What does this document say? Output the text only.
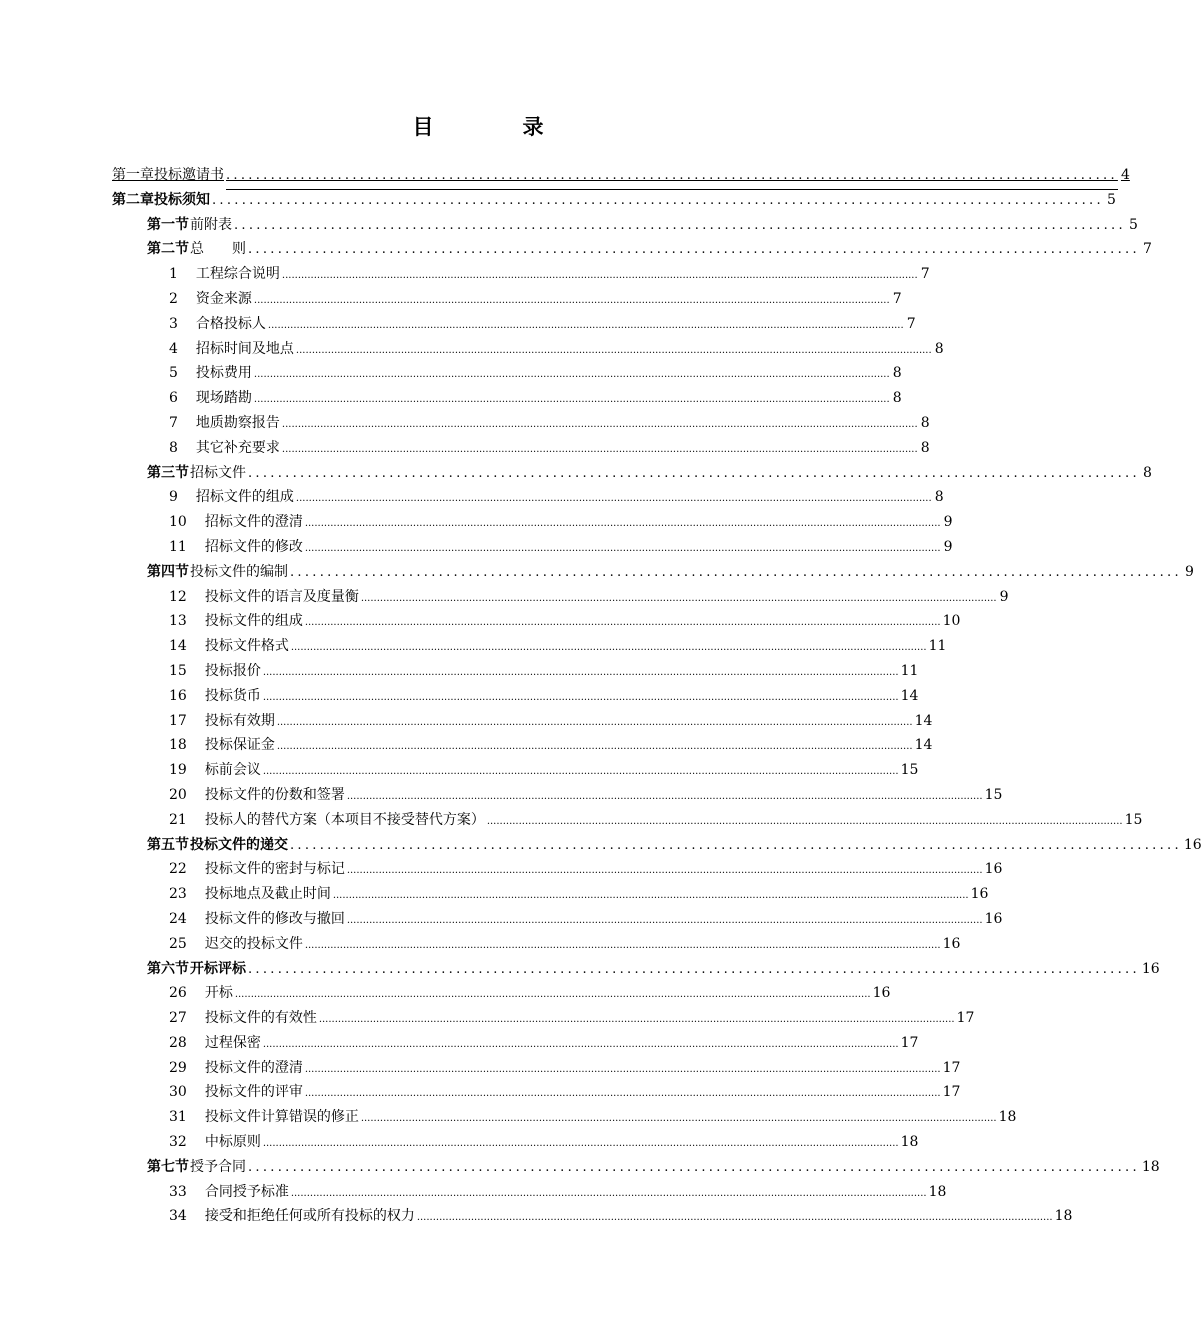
目　录
第一章 投标邀请书 ........................................................................................................................ 4
第二章 投标须知 ........................................................................................................................ 5
第一节 前附表 ........................................................................................................................ 5
第二节 总　　则 ........................................................................................................................ 7
1 工程综合说明 ........................................................................................................................................................................................................ 7
2 资金来源 ........................................................................................................................................................................................................ 7
3 合格投标人 ........................................................................................................................................................................................................ 7
4 招标时间及地点 ........................................................................................................................................................................................................ 8
5 投标费用 ........................................................................................................................................................................................................ 8
6 现场踏勘 ........................................................................................................................................................................................................ 8
7 地质勘察报告 ........................................................................................................................................................................................................ 8
8 其它补充要求 ........................................................................................................................................................................................................ 8
第三节 招标文件 ........................................................................................................................ 8
9 招标文件的组成 ........................................................................................................................................................................................................ 8
10 招标文件的澄清 ........................................................................................................................................................................................................ 9
11 招标文件的修改 ........................................................................................................................................................................................................ 9
第四节 投标文件的编制 ........................................................................................................................ 9
12 投标文件的语言及度量衡 ........................................................................................................................................................................................................ 9
13 投标文件的组成 ........................................................................................................................................................................................................ 10
14 投标文件格式 ........................................................................................................................................................................................................ 11
15 投标报价 ........................................................................................................................................................................................................ 11
16 投标货币 ........................................................................................................................................................................................................ 14
17 投标有效期 ........................................................................................................................................................................................................ 14
18 投标保证金 ........................................................................................................................................................................................................ 14
19 标前会议 ........................................................................................................................................................................................................ 15
20 投标文件的份数和签署 ........................................................................................................................................................................................................ 15
21 投标人的替代方案（本项目不接受替代方案） ........................................................................................................................................................................................................ 15
第五节 投标文件的递交 ........................................................................................................................ 16
22 投标文件的密封与标记 ........................................................................................................................................................................................................ 16
23 投标地点及截止时间 ........................................................................................................................................................................................................ 16
24 投标文件的修改与撤回 ........................................................................................................................................................................................................ 16
25 迟交的投标文件 ........................................................................................................................................................................................................ 16
第六节 开标评标 ........................................................................................................................ 16
26 开标 ........................................................................................................................................................................................................ 16
27 投标文件的有效性 ........................................................................................................................................................................................................ 17
28 过程保密 ........................................................................................................................................................................................................ 17
29 投标文件的澄清 ........................................................................................................................................................................................................ 17
30 投标文件的评审 ........................................................................................................................................................................................................ 17
31 投标文件计算错误的修正 ........................................................................................................................................................................................................ 18
32 中标原则 ........................................................................................................................................................................................................ 18
第七节 授予合同 ........................................................................................................................ 18
33 合同授予标准 ........................................................................................................................................................................................................ 18
34 接受和拒绝任何或所有投标的权力 ........................................................................................................................................................................................................ 18
